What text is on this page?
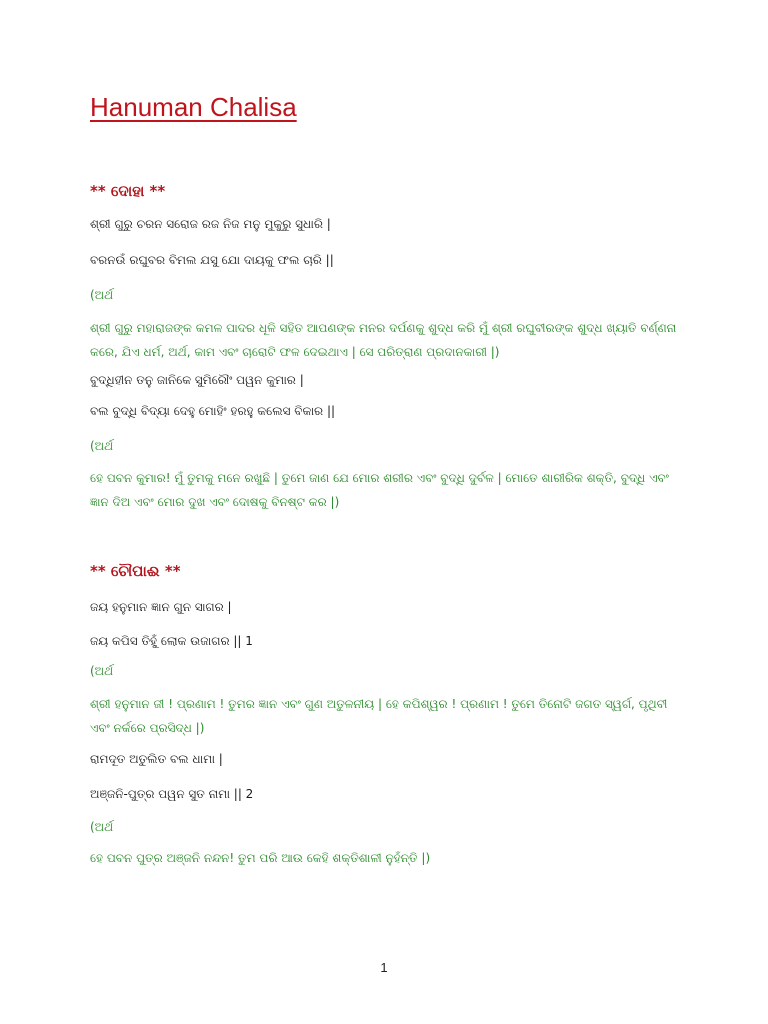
Hanuman Chalisa

** ଦୋହା **

ଶ୍ରୀ ଗୁରୁ ଚରନ ସରୋଜ ରଜ ନିଜ ମନୁ ମୁକୁରୁ ସୁଧାରି |

ବରନଉଁ ରଘୁବର ବିମଲ ଯସୁ ଯୋ ଦାୟକୁ ଫଲ ଚାରି ||

(ଅର୍ଥ

ଶ୍ରୀ ଗୁରୁ ମହାରାଜଙ୍କ କମଳ ପାଦର ଧୂଳି ସହିତ ଆପଣଙ୍କ ମନର ଦର୍ପଣକୁ ଶୁଦ୍ଧ କରି ମୁଁ ଶ୍ରୀ ରଘୁବୀରଙ୍କ ଶୁଦ୍ଧ ଖ୍ୟାତି ବର୍ଣ୍ଣନା କରେ, ଯିଏ ଧର୍ମ, ଅର୍ଥ, କାମ ଏବଂ ଚାରୋଟି ଫଳ ଦେଇଥାଏ | ସେ ପରିତ୍ରାଣ ପ୍ରଦାନକାରୀ |)

ବୁଦ୍ଧିହୀନ ତନୁ ଜାନିକେ ସୁମିରୌଂ ପୱନ କୁମାର |

ବଲ ବୁଦ୍ଧି ବିଦ୍ୟା ଦେହୁ ମୋହିଂ ହରହୁ କଲେସ ବିକାର ||

(ଅର୍ଥ

ହେ ପବନ କୁମାର! ମୁଁ ତୁମକୁ ମନେ ରଖୁଛି | ତୁମେ ଜାଣ ଯେ ମୋର ଶରୀର ଏବଂ ବୁଦ୍ଧି ଦୁର୍ବଳ | ମୋତେ ଶାରୀରିକ ଶକ୍ତି, ବୁଦ୍ଧି ଏବଂ ଜ୍ଞାନ ଦିଅ ଏବଂ ମୋର ଦୁଖ ଏବଂ ଦୋଷକୁ ବିନଷ୍ଟ କର |)

** ଚୌପାଈ **

ଜୟ ହନୁମାନ ଜ୍ଞାନ ଗୁନ ସାଗର |

ଜୟ କପିସ ତିହୁଁ ଲୋକ ଉଜାଗର || 1

(ଅର୍ଥ

ଶ୍ରୀ ହନୁମାନ ଜୀ ! ପ୍ରଣାମ ! ତୁମର ଜ୍ଞାନ ଏବଂ ଗୁଣ ଅତୁଳନୀୟ | ହେ କପିଶ୍ୱର ! ପ୍ରଣାମ ! ତୁମେ ତିନୋଟି ଜଗତ ସ୍ୱର୍ଗ, ପୃଥିବୀ ଏବଂ ନର୍କରେ ପ୍ରସିଦ୍ଧ |)

ରାମଦୂତ ଅତୁଲିତ ବଲ ଧାମା |

ଅଞ୍ଜନି-ପୁତ୍ର ପୱନ ସୁତ ନାମା || 2

(ଅର୍ଥ

ହେ ପବନ ପୁତ୍ର ଅଞ୍ଜନି ନନ୍ଦନ! ତୁମ ପରି ଆଉ କେହି ଶକ୍ତିଶାଳୀ ନୁହଁନ୍ତି |)

1
